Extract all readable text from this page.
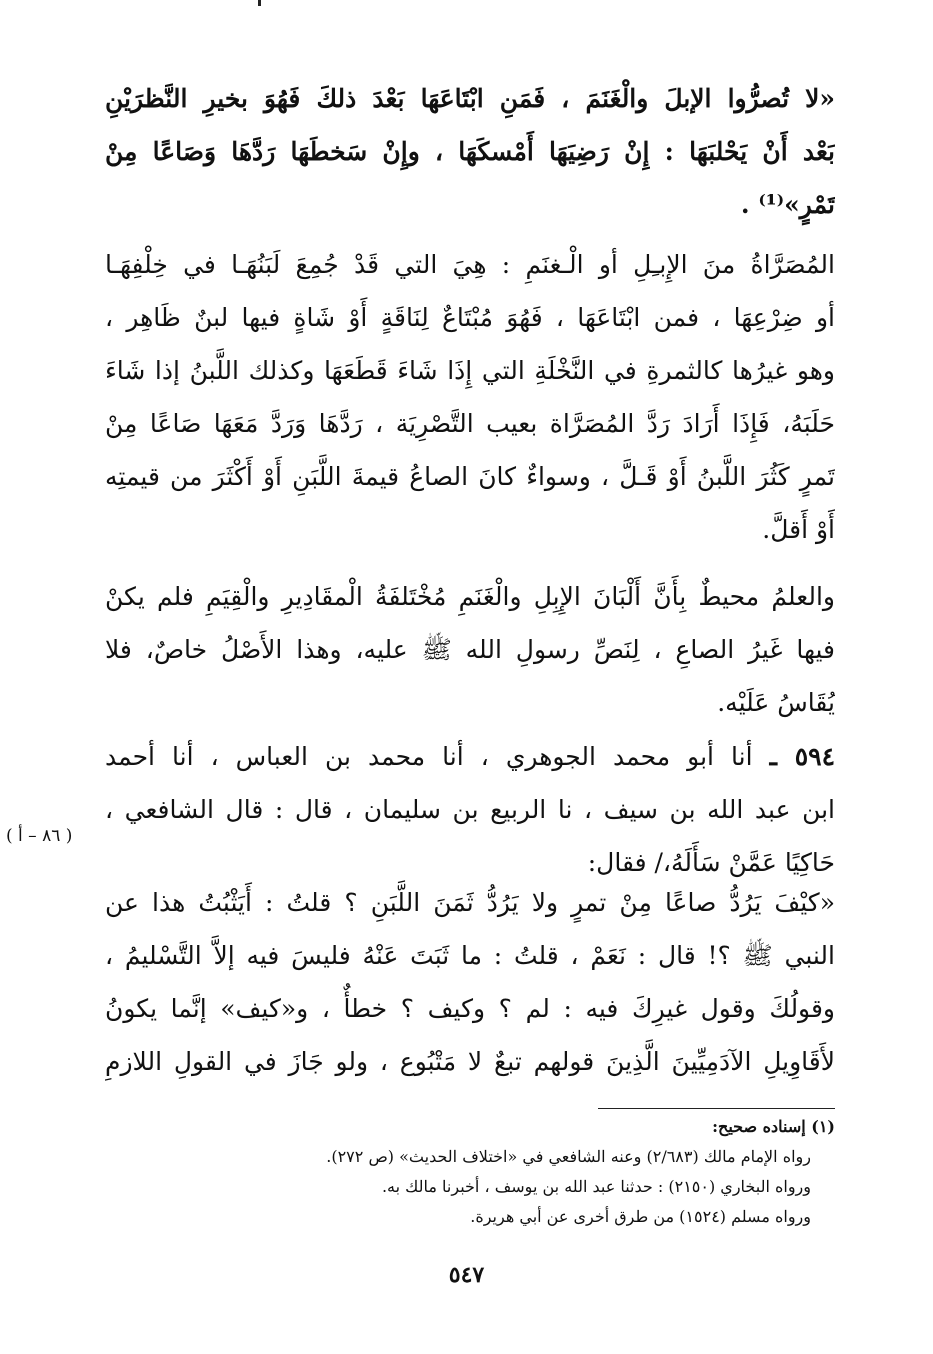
«لا تُصرُّوا الإبلَ والْغَنَمَ ، فَمَنِ ابْتَاعَهَا بَعْدَ ذلكَ فَهُوَ بخيرِ النَّظرَيْنِ
بَعْد أَنْ يَحْلبَهَا : إِنْ رَضِيَهَا أَمْسكَهَا ، وإِنْ سَخطَهَا رَدَّهَا وَصَاعًا مِنْ
تَمْرٍ»⁽¹⁾ .
المُصَرَّاةُ منَ الإِبـِلِ أو الْـغنَمِ : هِيَ التي قَدْ جُمِعَ لَبَنُهَـا في خِلْفِهَـا
أو ضِرْعِهَا ، فمن ابْتَاعَهَا ، فَهُوَ مُبْتَاعٌ لِنَاقَةٍ أَوْ شَاةٍ فيها لبنٌ ظَاهِر ،
وهو غيرُها كالثمرةِ في النَّخْلَةِ التي إِذَا شَاءَ قَطَعَهَا وكذلك اللَّبنُ إذا شَاءَ
حَلَبَهُ، فَإِذَا أَرَادَ رَدَّ المُصَرَّاة بعيب التَّصْرِيَة ، رَدَّهَا وَرَدَّ مَعَهَا صَاعًا مِنْ
تَمرٍ كَثُرَ اللَّبنُ أَوْ قَـلَّ ، وسواءٌ كانَ الصاعُ قيمةَ اللَّبَنِ أَوْ أَكْثَرَ من قيمتِه
أَوْ أَقلَّ.
والعلمُ محيطٌ بِأَنَّ أَلْبَانَ الإِبِلِ والْغَنَمِ مُخْتَلفَةُ الْمقَادِيرِ والْقِيَمِ فلم يكنْ
فيها غَيرُ الصاعِ ، لِنَصِّ رسولِ الله ﷺ عليه، وهذا الأَصْلُ خاصٌ، فلا
يُقَاسُ عَلَيْه.
٥٩٤ ـ أنا أبو محمد الجوهري ، أنا محمد بن العباس ، أنا أحمد
ابن عبد الله بن سيف ، نا الربيع بن سليمان ، قال : قال الشافعي ،
حَاكِيًا عَمَّنْ سَأَلَهُ،/ فقال:
( ٨٦ – أ )
«كيْفَ يَرُدُّ صاعًا مِنْ تمرٍ ولا يَرُدُّ ثَمَنَ اللَّبَنِ ؟ قلتُ : أَيَثْبُتُ هذا عن
النبي ﷺ ؟! قال : نَعَمْ ، قلتُ : ما ثَبَتَ عَنْهُ فليسَ فيه إلاَّ التَّسْليمُ ،
وقولُكَ وقول غيرِكَ فيه : لم ؟ وكيف ؟ خطأٌ ، و«كيف» إنَّما يكونُ
لأَقَاوِيلِ الآدَمِيِّينَ الَّذِينَ قولهم تبعٌ لا مَتْبُوع ، ولو جَازَ في القولِ اللازمِ
(١) إسناده صحيح:
رواه الإمام مالك (٢/٦٨٣) وعنه الشافعي في «اختلاف الحديث» (ص ٢٧٢).
ورواه البخاري (٢١٥٠) : حدثنا عبد الله بن يوسف ، أخبرنا مالك به.
ورواه مسلم (١٥٢٤) من طرق أخرى عن أبي هريرة.
٥٤٧
